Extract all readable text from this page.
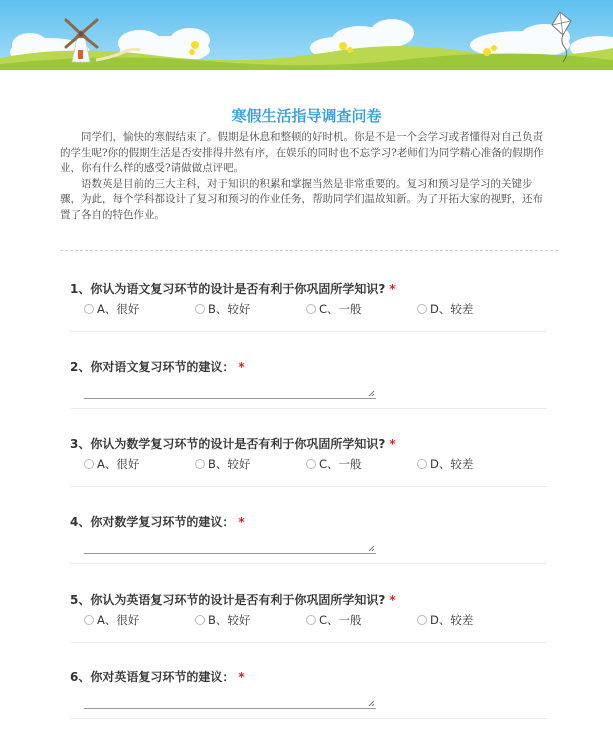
寒假生活指导调查问卷

同学们，愉快的寒假结束了。假期是休息和整顿的好时机。你是不是一个会学习或者懂得对自己负责的学生呢?你的假期生活是否安排得井然有序，在娱乐的同时也不忘学习?老师们为同学精心准备的假期作业，你有什么样的感受?请做做点评吧。

语数英是目前的三大主科，对于知识的积累和掌握当然是非常重要的。复习和预习是学习的关键步骤，为此，每个学科都设计了复习和预习的作业任务，帮助同学们温故知新。为了开拓大家的视野，还布置了各自的特色作业。

1、你认为语文复习环节的设计是否有利于你巩固所学知识? *
A、很好	B、较好	C、一般	D、较差
2、你对语文复习环节的建议： *
3、你认为数学复习环节的设计是否有利于你巩固所学知识? *
A、很好	B、较好	C、一般	D、较差
4、你对数学复习环节的建议： *
5、你认为英语复习环节的设计是否有利于你巩固所学知识? *
A、很好	B、较好	C、一般	D、较差
6、你对英语复习环节的建议： *
